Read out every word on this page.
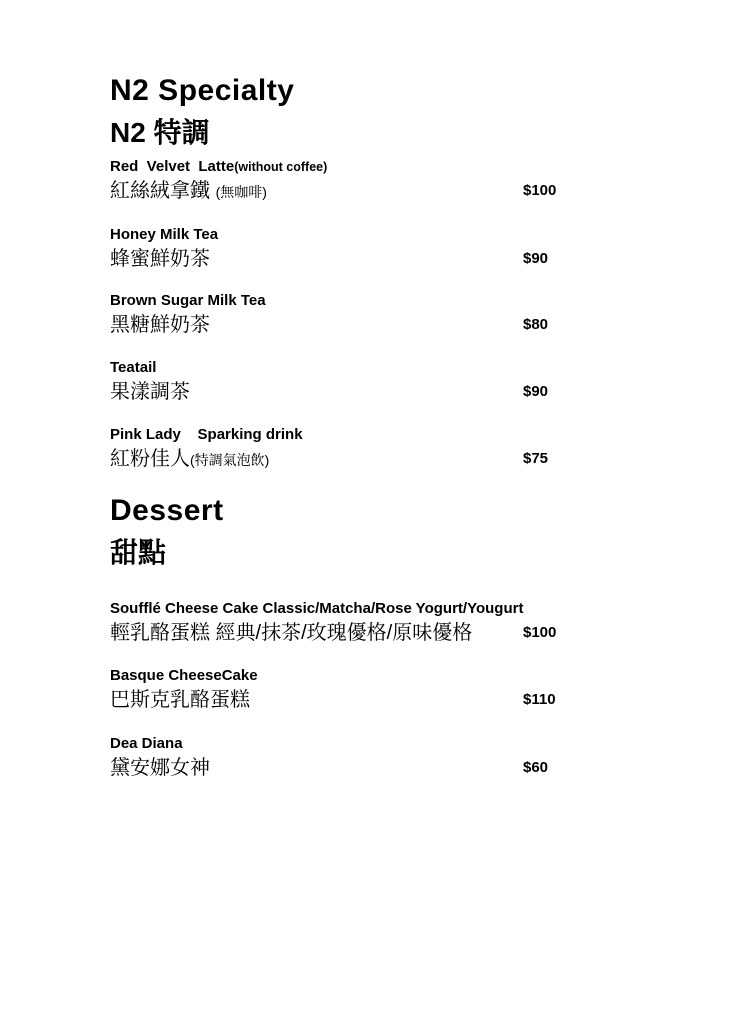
N2 Specialty
N2 特調
Red  Velvet  Latte(without coffee)
紅絲絨拿鐵 (無咖啡)	$100
Honey Milk Tea
蜂蜜鮮奶茶	$90
Brown Sugar Milk Tea
黑糖鮮奶茶	$80
Teatail
果漾調茶	$90
Pink Lady    Sparking drink
紅粉佳人(特調氣泡飲)	$75
Dessert
甜點
Soufflé Cheese Cake Classic/Matcha/Rose Yogurt/Yougurt
輕乳酪蛋糕 經典/抹茶/玫瑰優格/原味優格	$100
Basque CheeseCake
巴斯克乳酪蛋糕	$110
Dea Diana
黛安娜女神	$60
